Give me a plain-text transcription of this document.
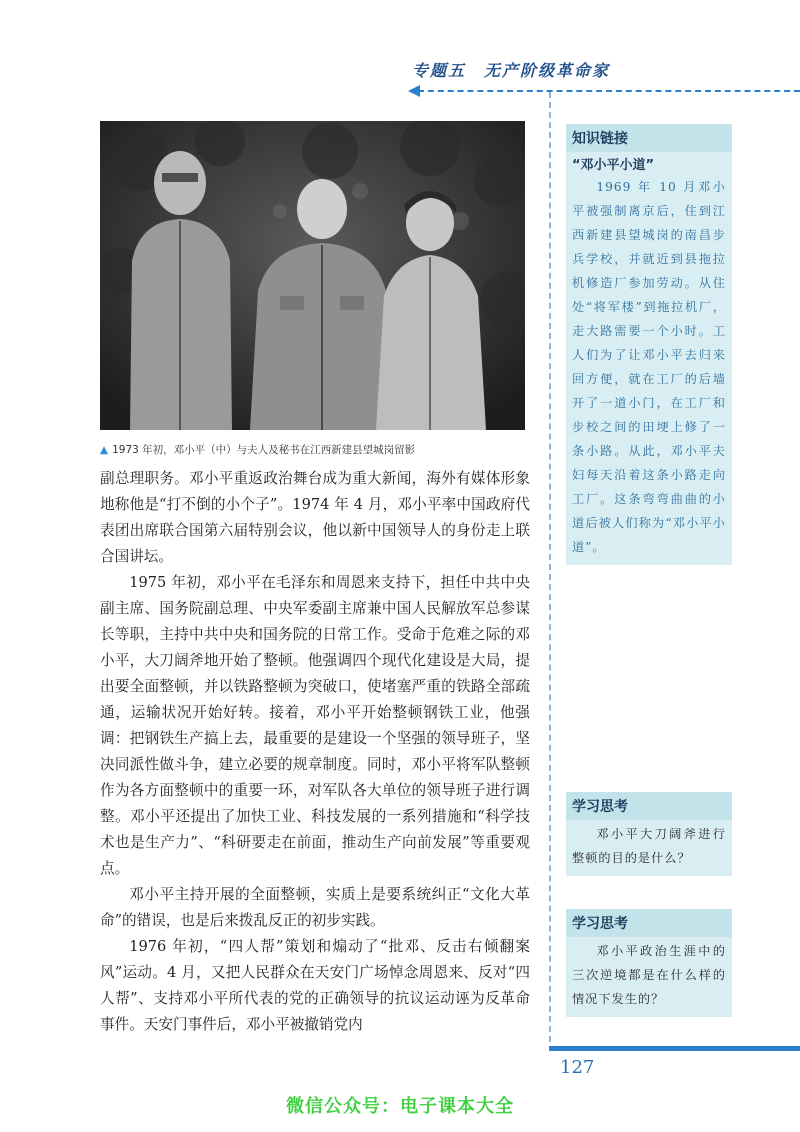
专题五　无产阶级革命家
▲ 1973 年初，邓小平（中）与夫人及秘书在江西新建县望城岗留影

副总理职务。邓小平重返政治舞台成为重大新闻，海外有媒体形象地称他是“打不倒的小个子”。1974 年 4 月，邓小平率中国政府代表团出席联合国第六届特别会议，他以新中国领导人的身份走上联合国讲坛。

1975 年初，邓小平在毛泽东和周恩来支持下，担任中共中央副主席、国务院副总理、中央军委副主席兼中国人民解放军总参谋长等职，主持中共中央和国务院的日常工作。受命于危难之际的邓小平，大刀阔斧地开始了整顿。他强调四个现代化建设是大局，提出要全面整顿，并以铁路整顿为突破口，使堵塞严重的铁路全部疏通，运输状况开始好转。接着，邓小平开始整顿钢铁工业，他强调：把钢铁生产搞上去，最重要的是建设一个坚强的领导班子，坚决同派性做斗争，建立必要的规章制度。同时，邓小平将军队整顿作为各方面整顿中的重要一环，对军队各大单位的领导班子进行调整。邓小平还提出了加快工业、科技发展的一系列措施和“科学技术也是生产力”、“科研要走在前面，推动生产向前发展”等重要观点。

邓小平主持开展的全面整顿，实质上是要系统纠正“文化大革命”的错误，也是后来拨乱反正的初步实践。

1976 年初，“四人帮”策划和煽动了“批邓、反击右倾翻案风”运动。4 月，又把人民群众在天安门广场悼念周恩来、反对“四人帮”、支持邓小平所代表的党的正确领导的抗议运动诬为反革命事件。天安门事件后，邓小平被撤销党内

知识链接
“邓小平小道”

1969 年 10 月邓小平被强制离京后，住到江西新建县望城岗的南昌步兵学校，并就近到县拖拉机修造厂参加劳动。从住处“将军楼”到拖拉机厂，走大路需要一个小时。工人们为了让邓小平去归来回方便，就在工厂的后墙开了一道小门，在工厂和步校之间的田埂上修了一条小路。从此，邓小平夫妇每天沿着这条小路走向工厂。这条弯弯曲曲的小道后被人们称为“邓小平小道”。

学习思考

邓小平大刀阔斧进行整顿的目的是什么？

学习思考

邓小平政治生涯中的三次逆境都是在什么样的情况下发生的？

127
微信公众号：电子课本大全
